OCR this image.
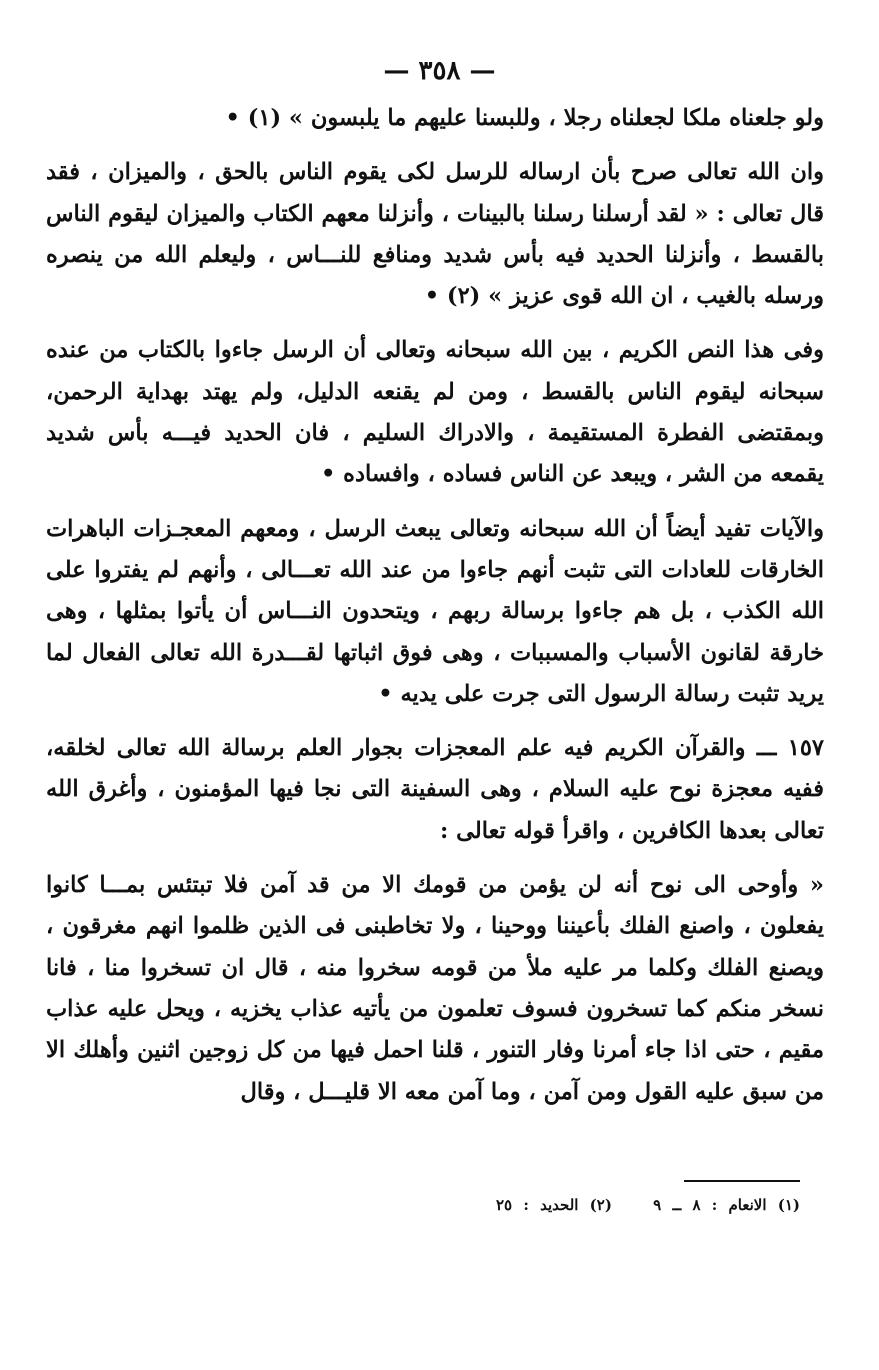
— ٣٥٨ —

ولو جلعناه ملكا لجعلناه رجلا ، وللبسنا عليهم ما يلبسون » (١) •

وان الله تعالى صرح بأن ارساله للرسل لكى يقوم الناس بالحق ، والميزان ، فقد قال تعالى : « لقد أرسلنا رسلنا بالبينات ، وأنزلنا معهم الكتاب والميزان ليقوم الناس بالقسط ، وأنزلنا الحديد فيه بأس شديد ومنافع للنـــاس ، وليعلم الله من ينصره ورسله بالغيب ، ان الله قوى عزيز » (٢) •

وفى هذا النص الكريم ، بين الله سبحانه وتعالى أن الرسل جاءوا بالكتاب من عنده سبحانه ليقوم الناس بالقسط ، ومن لم يقنعه الدليل، ولم يهتد بهداية الرحمن، وبمقتضى الفطرة المستقيمة ، والادراك السليم ، فان الحديد فيـــه بأس شديد يقمعه من الشر ، ويبعد عن الناس فساده ، وافساده •

والآيات تفيد أيضاً أن الله سبحانه وتعالى يبعث الرسل ، ومعهم المعجـزات الباهرات الخارقات للعادات التى تثبت أنهم جاءوا من عند الله تعـــالى ، وأنهم لم يفتروا على الله الكذب ، بل هم جاءوا برسالة ربهم ، ويتحدون النـــاس أن يأتوا بمثلها ، وهى خارقة لقانون الأسباب والمسببات ، وهى فوق اثباتها لقـــدرة الله تعالى الفعال لما يريد تثبت رسالة الرسول التى جرت على يديه •

١٥٧ ـــ والقرآن الكريم فيه علم المعجزات بجوار العلم برسالة الله تعالى لخلقه، ففيه معجزة نوح عليه السلام ، وهى السفينة التى نجا فيها المؤمنون ، وأغرق الله تعالى بعدها الكافرين ، واقرأ قوله تعالى :

« وأوحى الى نوح أنه لن يؤمن من قومك الا من قد آمن فلا تبتئس بمـــا كانوا يفعلون ، واصنع الفلك بأعيننا ووحينا ، ولا تخاطبنى فى الذين ظلموا انهم مغرقون ، ويصنع الفلك وكلما مر عليه ملأ من قومه سخروا منه ، قال ان تسخروا منا ، فانا نسخر منكم كما تسخرون فسوف تعلمون من يأتيه عذاب يخزيه ، ويحل عليه عذاب مقيم ، حتى اذا جاء أمرنا وفار التنور ، قلنا احمل فيها من كل زوجين اثنين وأهلك الا من سبق عليه القول ومن آمن ، وما آمن معه الا قليـــل ، وقال

(١) الانعام : ٨ ــ ٩ (٢) الحديد : ٢٥
